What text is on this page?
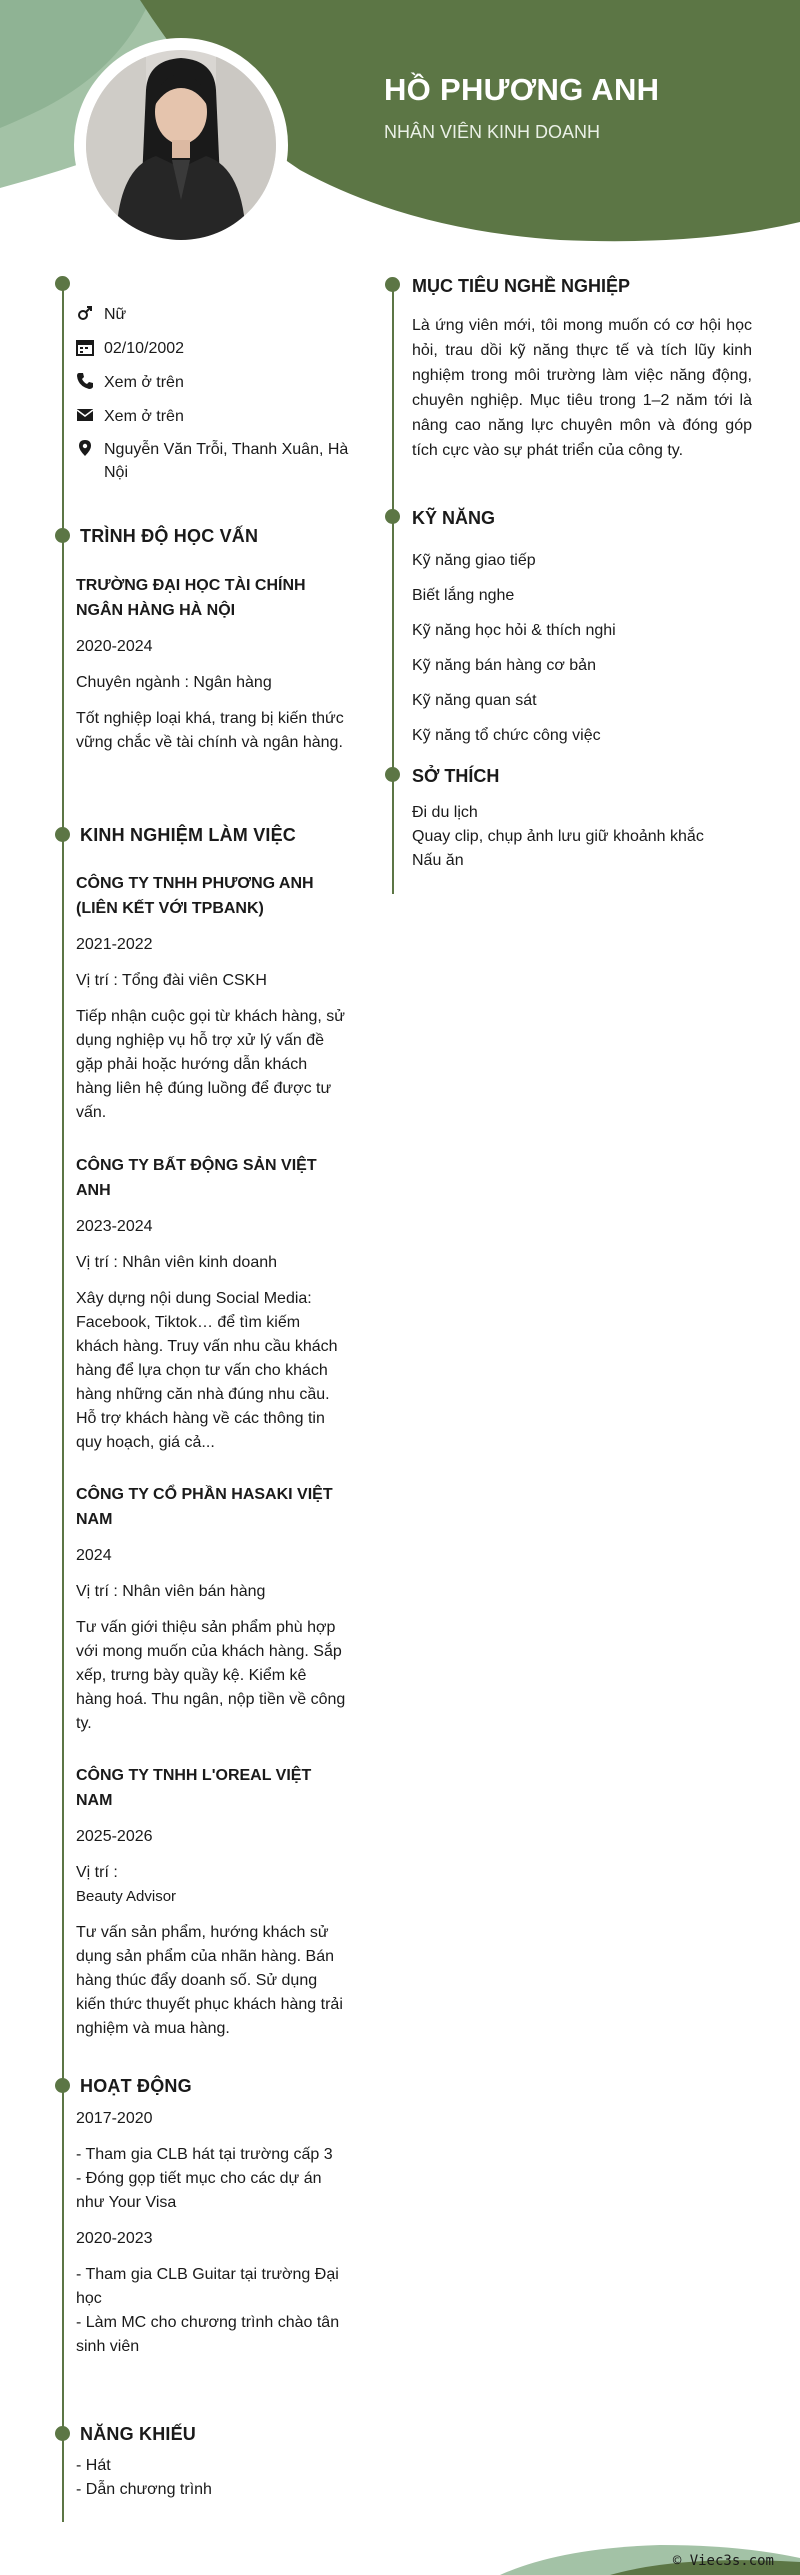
HỒ PHƯƠNG ANH
NHÂN VIÊN KINH DOANH
Nữ
02/10/2002
Xem ở trên
Xem ở trên
Nguyễn Văn Trỗi, Thanh Xuân, Hà Nội
TRÌNH ĐỘ HỌC VẤN

TRƯỜNG ĐẠI HỌC TÀI CHÍNH NGÂN HÀNG HÀ NỘI

2020-2024

Chuyên ngành : Ngân hàng

Tốt nghiệp loại khá, trang bị kiến thức vững chắc về tài chính và ngân hàng.

KINH NGHIỆM LÀM VIỆC

CÔNG TY TNHH PHƯƠNG ANH (LIÊN KẾT VỚI TPBANK)

2021-2022

Vị trí : Tổng đài viên CSKH

Tiếp nhận cuộc gọi từ khách hàng, sử dụng nghiệp vụ hỗ trợ xử lý vấn đề gặp phải hoặc hướng dẫn khách hàng liên hệ đúng luồng để được tư vấn.

CÔNG TY BẤT ĐỘNG SẢN VIỆT ANH

2023-2024

Vị trí : Nhân viên kinh doanh

Xây dựng nội dung Social Media: Facebook, Tiktok… để tìm kiếm khách hàng. Truy vấn nhu cầu khách hàng để lựa chọn tư vấn cho khách hàng những căn nhà đúng nhu cầu. Hỗ trợ khách hàng về các thông tin quy hoạch, giá cả...

CÔNG TY CỔ PHẦN HASAKI VIỆT NAM

2024

Vị trí : Nhân viên bán hàng

Tư vấn giới thiệu sản phẩm phù hợp với mong muốn của khách hàng. Sắp xếp, trưng bày quầy kệ. Kiểm kê hàng hoá. Thu ngân, nộp tiền về công ty.

CÔNG TY TNHH L'OREAL VIỆT NAM

2025-2026

Vị trí :

Beauty Advisor

Tư vấn sản phẩm, hướng khách sử dụng sản phẩm của nhãn hàng. Bán hàng thúc đẩy doanh số. Sử dụng kiến thức thuyết phục khách hàng trải nghiệm và mua hàng.

HOẠT ĐỘNG

2017-2020

- Tham gia CLB hát tại trường cấp 3

- Đóng gọp tiết mục cho các dự án như Your Visa

2020-2023

- Tham gia CLB Guitar tại trường Đại học

- Làm MC cho chương trình chào tân sinh viên

NĂNG KHIẾU

- Hát

- Dẫn chương trình

MỤC TIÊU NGHỀ NGHIỆP
Là ứng viên mới, tôi mong muốn có cơ hội học hỏi, trau dồi kỹ năng thực tế và tích lũy kinh nghiệm trong môi trường làm việc năng động, chuyên nghiệp. Mục tiêu trong 1–2 năm tới là nâng cao năng lực chuyên môn và đóng góp tích cực vào sự phát triển của công ty.
KỸ NĂNG
Kỹ năng giao tiếp
Biết lắng nghe
Kỹ năng học hỏi & thích nghi
Kỹ năng bán hàng cơ bản
Kỹ năng quan sát
Kỹ năng tổ chức công việc
SỞ THÍCH
Đi du lịch
Quay clip, chụp ảnh lưu giữ khoảnh khắc
Nấu ăn
© Viec3s.com
